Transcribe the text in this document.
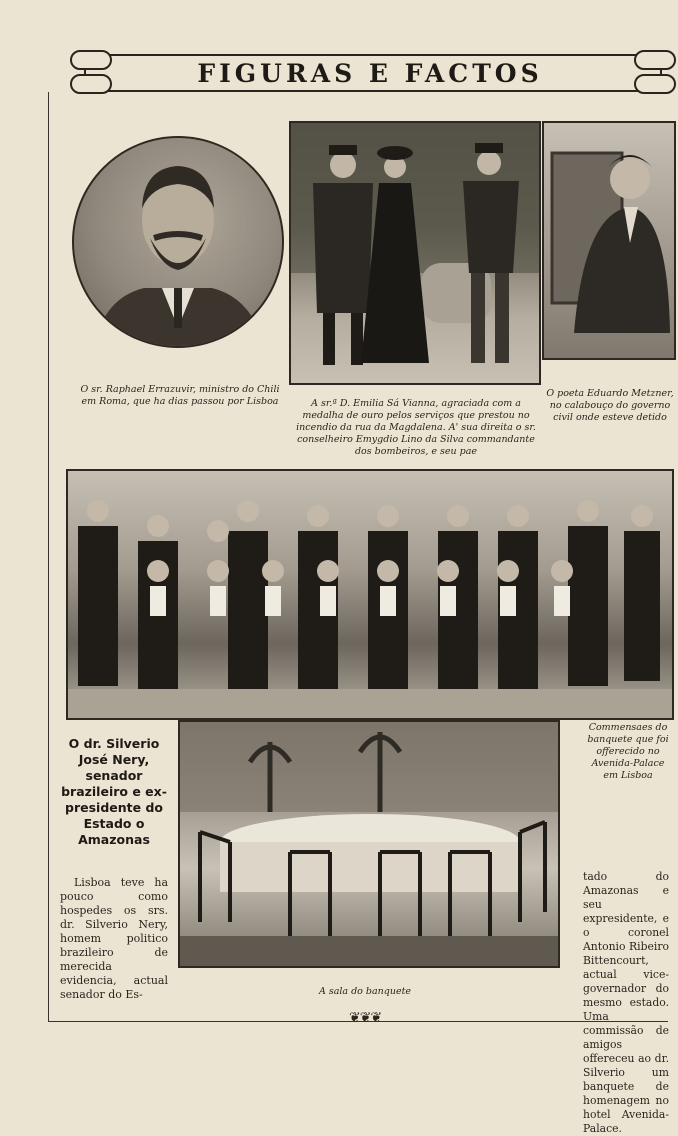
FIGURAS E FACTOS
O sr. Raphael Errazuvir, ministro do Chili em Roma, que ha dias passou por Lisboa	A sr.ª D. Emilia Sá Vianna, agraciada com a medalha de ouro pelos serviços que prestou no incendio da rua da Magdalena. A' sua direita o sr. conselheiro Emygdio Lino da Silva commandante dos bombeiros, e seu pae
O poeta Eduardo Metzner, no calabouço do governo civil onde esteve detido
Commensaes do banquete que foi offerecido no Avenida-Palace em Lisboa
A sala do banquete
O dr. Silverio José Nery, senador brazileiro e ex-presidente do Estado o Amazonas
Lisboa teve ha pouco como hospedes os srs. dr. Silverio Nery, homem politico brazileiro de merecida evidencia, actual senador do Es-
tado do Amazonas e seu expresidente, e o coronel Antonio Ribeiro Bittencourt, actual vice-governador do mesmo estado. Uma commissão de amigos offereceu ao dr. Silverio um banquete de homenagem no hotel Avenida-Palace.
❦❦❦
